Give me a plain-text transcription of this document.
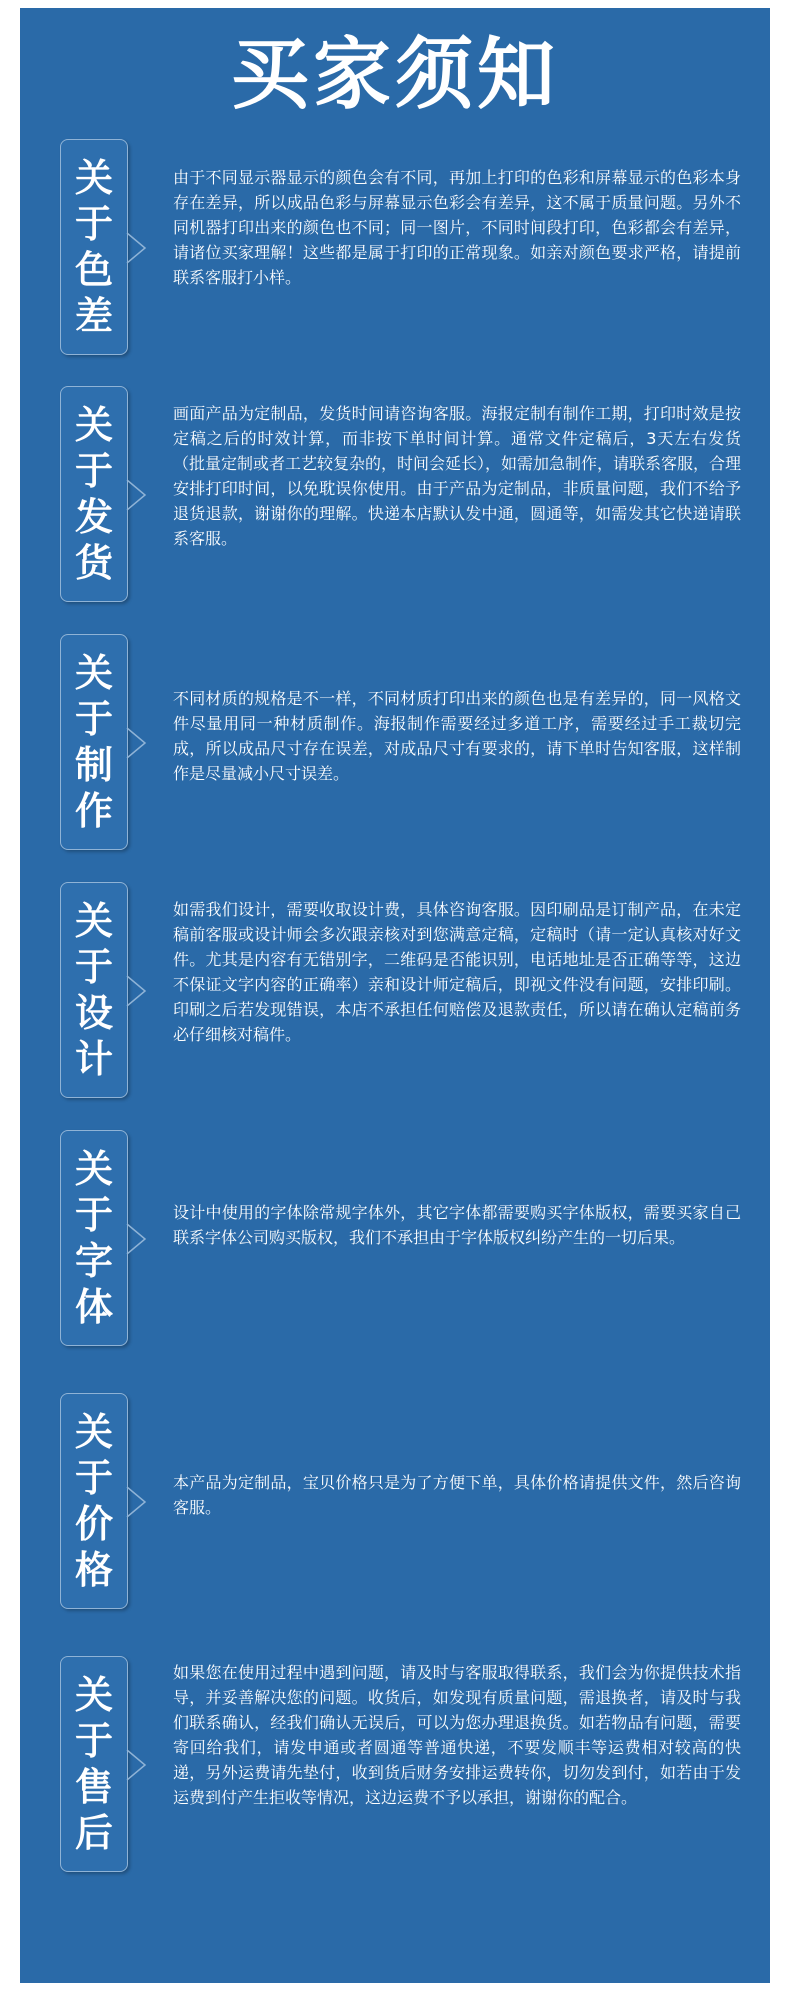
买家须知
关
于
色
差
由于不同显示器显示的颜色会有不同，再加上打印的色彩和屏幕显示的色彩本身存在差异，所以成品色彩与屏幕显示色彩会有差异，这不属于质量问题。另外不同机器打印出来的颜色也不同；同一图片，不同时间段打印，色彩都会有差异，请诸位买家理解！这些都是属于打印的正常现象。如亲对颜色要求严格，请提前联系客服打小样。
关
于
发
货
画面产品为定制品，发货时间请咨询客服。海报定制有制作工期，打印时效是按定稿之后的时效计算，而非按下单时间计算。通常文件定稿后，3天左右发货（批量定制或者工艺较复杂的，时间会延长），如需加急制作，请联系客服，合理安排打印时间，以免耽误你使用。由于产品为定制品，非质量问题，我们不给予退货退款，谢谢你的理解。快递本店默认发中通，圆通等，如需发其它快递请联系客服。
关
于
制
作
不同材质的规格是不一样，不同材质打印出来的颜色也是有差异的，同一风格文件尽量用同一种材质制作。海报制作需要经过多道工序，需要经过手工裁切完成，所以成品尺寸存在误差，对成品尺寸有要求的，请下单时告知客服，这样制作是尽量减小尺寸误差。
关
于
设
计
如需我们设计，需要收取设计费，具体咨询客服。因印刷品是订制产品，在未定稿前客服或设计师会多次跟亲核对到您满意定稿，定稿时（请一定认真核对好文件。尤其是内容有无错别字，二维码是否能识别，电话地址是否正确等等，这边不保证文字内容的正确率）亲和设计师定稿后，即视文件没有问题，安排印刷。印刷之后若发现错误，本店不承担任何赔偿及退款责任，所以请在确认定稿前务必仔细核对稿件。
关
于
字
体
设计中使用的字体除常规字体外，其它字体都需要购买字体版权，需要买家自己联系字体公司购买版权，我们不承担由于字体版权纠纷产生的一切后果。
关
于
价
格
本产品为定制品，宝贝价格只是为了方便下单，具体价格请提供文件，然后咨询客服。
关
于
售
后
如果您在使用过程中遇到问题，请及时与客服取得联系，我们会为你提供技术指导，并妥善解决您的问题。收货后，如发现有质量问题，需退换者，请及时与我们联系确认，经我们确认无误后，可以为您办理退换货。如若物品有问题，需要寄回给我们，请发申通或者圆通等普通快递，不要发顺丰等运费相对较高的快递，另外运费请先垫付，收到货后财务安排运费转你，切勿发到付，如若由于发运费到付产生拒收等情况，这边运费不予以承担，谢谢你的配合。
